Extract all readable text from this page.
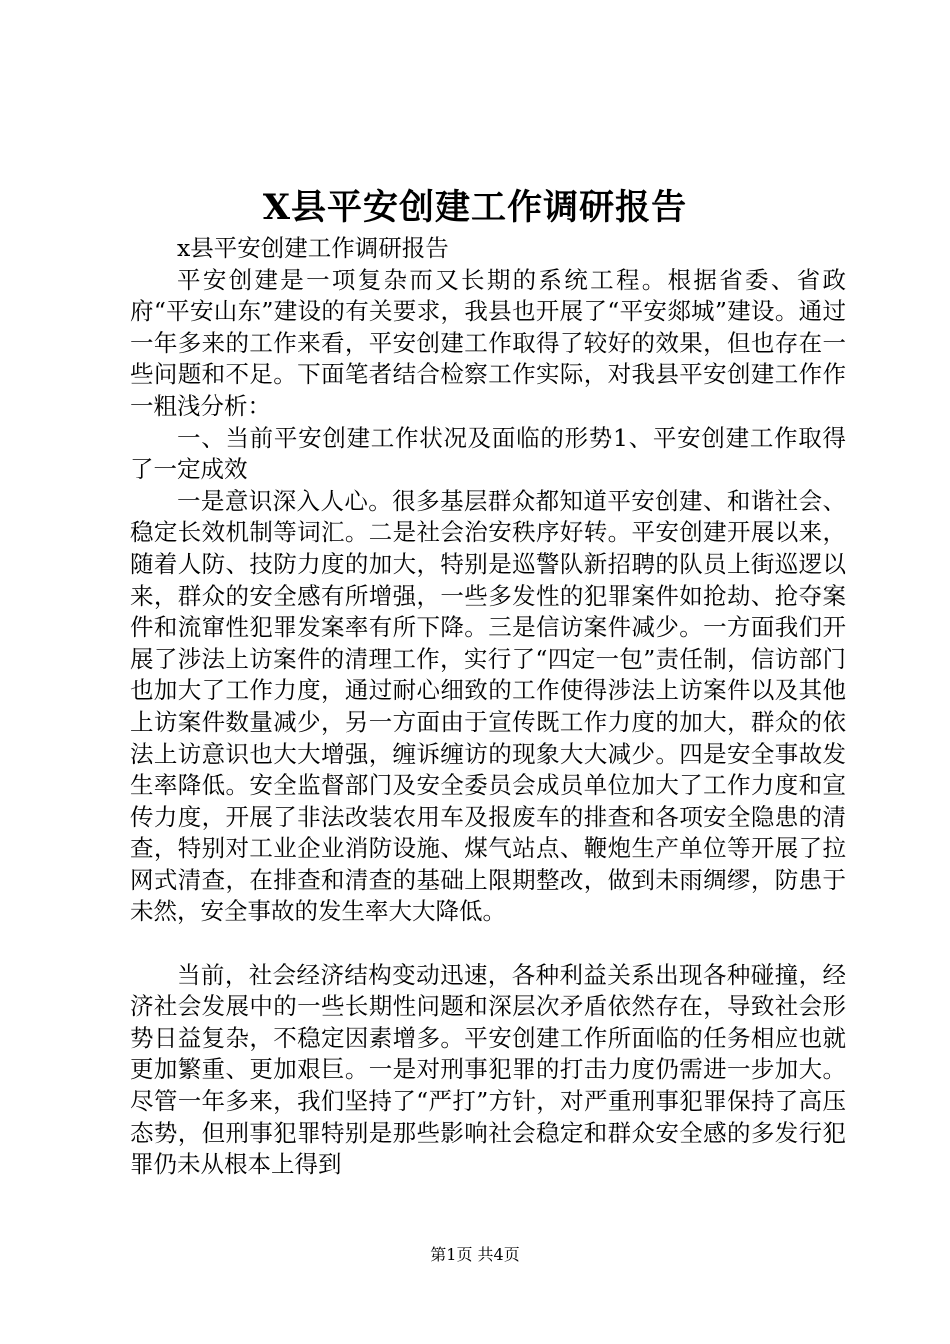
X县平安创建工作调研报告

x县平安创建工作调研报告

平安创建是一项复杂而又长期的系统工程。根据省委、省政府“平安山东”建设的有关要求，我县也开展了“平安郯城”建设。通过一年多来的工作来看，平安创建工作取得了较好的效果，但也存在一些问题和不足。下面笔者结合检察工作实际，对我县平安创建工作作一粗浅分析：

一、当前平安创建工作状况及面临的形势1、平安创建工作取得了一定成效

一是意识深入人心。很多基层群众都知道平安创建、和谐社会、稳定长效机制等词汇。二是社会治安秩序好转。平安创建开展以来，随着人防、技防力度的加大，特别是巡警队新招聘的队员上街巡逻以来，群众的安全感有所增强，一些多发性的犯罪案件如抢劫、抢夺案件和流窜性犯罪发案率有所下降。三是信访案件减少。一方面我们开展了涉法上访案件的清理工作，实行了“四定一包”责任制，信访部门也加大了工作力度，通过耐心细致的工作使得涉法上访案件以及其他上访案件数量减少，另一方面由于宣传既工作力度的加大，群众的依法上访意识也大大增强，缠诉缠访的现象大大减少。四是安全事故发生率降低。安全监督部门及安全委员会成员单位加大了工作力度和宣传力度，开展了非法改装农用车及报废车的排查和各项安全隐患的清查，特别对工业企业消防设施、煤气站点、鞭炮生产单位等开展了拉网式清查，在排查和清查的基础上限期整改，做到未雨绸缪，防患于未然，安全事故的发生率大大降低。

当前，社会经济结构变动迅速，各种利益关系出现各种碰撞，经济社会发展中的一些长期性问题和深层次矛盾依然存在，导致社会形势日益复杂，不稳定因素增多。平安创建工作所面临的任务相应也就更加繁重、更加艰巨。一是对刑事犯罪的打击力度仍需进一步加大。尽管一年多来，我们坚持了“严打”方针，对严重刑事犯罪保持了高压态势，但刑事犯罪特别是那些影响社会稳定和群众安全感的多发行犯罪仍未从根本上得到

第1页 共4页
